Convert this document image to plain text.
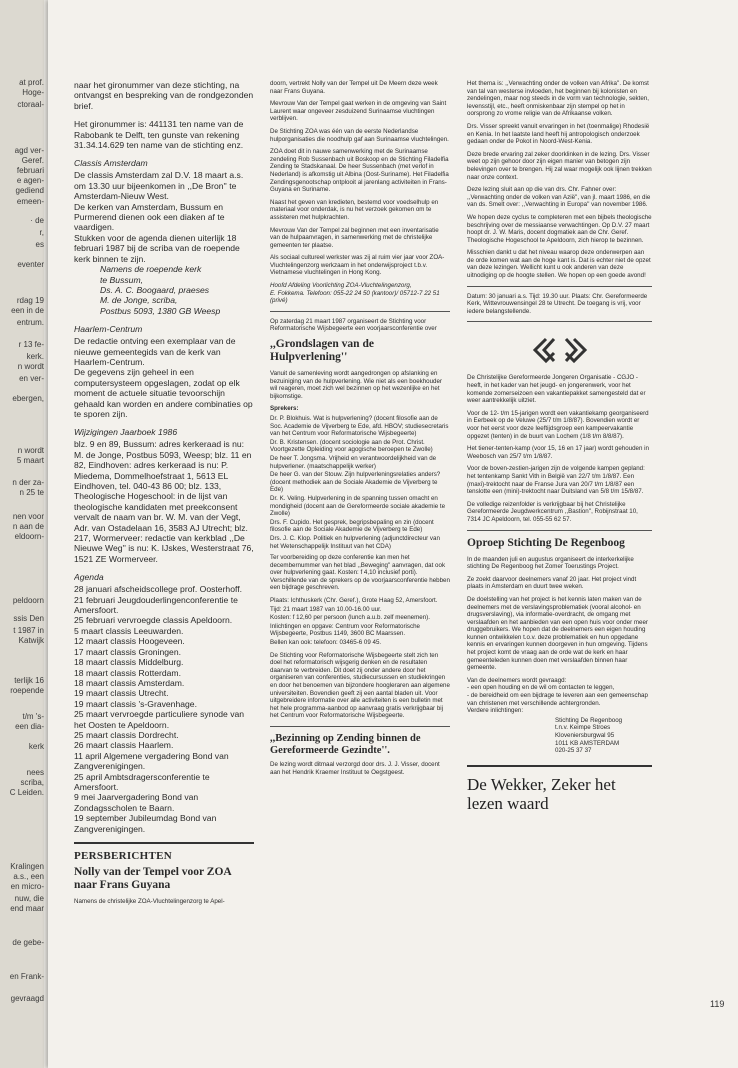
at prof.
Hoge-
ctoraal-
agd ver-
Geref.
februari
e agen-
gediend
emeen-
· de
r,
es
eventer
rdag 19
een in de
entrum.
r 13 fe-
kerk.
n wordt
en ver-
ebergen,
n wordt
5 maart
n der za-
n 25 te
nen voor
n aan de
eldoorn-
peldoorn
ssis Den
t 1987 in
Katwijk
terlijk 16
roepende
t/m 's-
een dia-
kerk
nees
scriba,
C Leiden.
Kralingen
a.s., een
en micro-
nuw, die
end maar
de gebe-
en Frank-
gevraagd

naar het gironummer van deze stichting, na ontvangst en bespreking van de rondgezonden brief.

Het gironummer is: 441131 ten name van de Rabobank te Delft, ten gunste van rekening 31.34.14.629 ten name van de stichting enz.

Classis Amsterdam

De classis Amsterdam zal D.V. 18 maart a.s. om 13.30 uur bijeenkomen in ,,De Bron'' te Amsterdam-Nieuw West.

De kerken van Amsterdam, Bussum en Purmerend dienen ook een diaken af te vaardigen.

Stukken voor de agenda dienen uiterlijk 18 februari 1987 bij de scriba van de roepende kerk binnen te zijn.

Namens de roepende kerk
te Bussum,
Ds. A. C. Boogaard, praeses
M. de Jonge, scriba,
Postbus 5093, 1380 GB Weesp
Haarlem-Centrum

De redactie ontving een exemplaar van de nieuwe gemeentegids van de kerk van Haarlem-Centrum.

De gegevens zijn geheel in een computersysteem opgeslagen, zodat op elk moment de actuele situatie tevoorschijn gehaald kan worden en andere combinaties op te sporen zijn.

Wijzigingen Jaarboek 1986

blz. 9 en 89, Bussum: adres kerkeraad is nu: M. de Jonge, Postbus 5093, Weesp; blz. 11 en 82, Eindhoven: adres kerkeraad is nu: P. Miedema, Dommelhoefstraat 1, 5613 EL Eindhoven, tel. 040-43 86 00; blz. 133, Theologische Hogeschool: in de lijst van theologische kandidaten met preekconsent vervalt de naam van br. W. M. van der Vegt, Adr. van Ostadelaan 16, 3583 AJ Utrecht; blz. 217, Wormerveer: redactie van kerkblad ,,De Nieuwe Weg'' is nu: K. IJskes, Westerstraat 76, 1521 ZE Wormerveer.

Agenda
28 januari afscheidscollege prof. Oosterhoff.
21 februari Jeugdouderlingenconferentie te Amersfoort.
25 februari vervroegde classis Apeldoorn.
5 maart classis Leeuwarden.
12 maart classis Hoogeveen.
17 maart classis Groningen.
18 maart classis Middelburg.
18 maart classis Rotterdam.
18 maart classis Amsterdam.
19 maart classis Utrecht.
19 maart classis 's-Gravenhage.
25 maart vervroegde particuliere synode van het Oosten te Apeldoorn.
25 maart classis Dordrecht.
26 maart classis Haarlem.
11 april Algemene vergadering Bond van Zangverenigingen.
25 april Ambtsdragersconferentie te Amersfoort.
9 mei Jaarvergadering Bond van Zondagsscholen te Baarn.
19 september Jubileumdag Bond van Zangverenigingen.
PERSBERICHTEN
Nolly van der Tempel voor ZOA naar Frans Guyana

Namens de christelijke ZOA-Vluchtelingenzorg te Apel-

doorn, vertrekt Nolly van der Tempel uit De Meern deze week naar Frans Guyana.

Mevrouw Van der Tempel gaat werken in de omgeving van Saint Laurent waar ongeveer zesduizend Surinaamse vluchtingen verblijven.

De Stichting ZOA was één van de eerste Nederlandse hulporganisaties die noodhulp gaf aan Surinaamse vluchtelingen.

ZOA doet dit in nauwe samenwerking met de Surinaamse zendeling Rob Sussenbach uit Boskoop en de Stichting Filadelfia Zending te Stadskanaal. De heer Sussenbach (met verlof in Nederland) is afkomstig uit Albina (Oost-Suriname). Het Filadelfia Zendingsgenootschap ontplooit al jarenlang activiteiten in Frans-Guyana en Suriname.

Naast het geven van kredieten, bestemd voor voedselhulp en materiaal voor onderdak, is nu het verzoek gekomen om te assisteren met hulpkrachten.

Mevrouw Van der Tempel zal beginnen met een inventarisatie van de hulpaanvragen, in samenwerking met de christelijke gemeenten ter plaatse.

Als sociaal cultureel werkster was zij al ruim vier jaar voor ZOA-Vluchtelingenzorg werkzaam in het onderwijsproject t.b.v. Vietnamese vluchtelingen in Hong Kong.

Hoofd Afdeling Voorlichting ZOA-Vluchtelingenzorg,

E. Fokkema. Telefoon: 055-22 24 50 (kantoor)/ 05712-7 22 51 (privé)

Op zaterdag 21 maart 1987 organiseert de Stichting voor Reformatorische Wijsbegeerte een voorjaarsconferentie over

,,Grondslagen van de Hulpverlening''

Vanuit de samenleving wordt aangedrongen op afslanking en bezuiniging van de hulpverlening. Wie niet als een boekhouder wil reageren, moet zich wel bezinnen op het wezenlijke en het bijkomstige.

Sprekers:

Dr. P. Blokhuis. Wat is hulpverlening? (docent filosofie aan de Soc. Academie de Vijverberg te Ede, afd. HBOV; studiesecretaris van het Centrum voor Reformatorische Wijsbegeerte)
Dr. B. Kristensen. (docent sociologie aan de Prot. Christ. Voortgezette Opleiding voor agogische beroepen te Zwolle)
De heer T. Jongsma. Vrijheid en verantwoordelijkheid van de hulpverlener. (maatschappelijk werker)
De heer G. van der Stouw. Zijn hulpverleningsrelaties anders? (docent methodiek aan de Sociale Akademie de Vijverberg te Ede)
Dr. K. Veling. Hulpverlening in de spanning tussen omacht en mondigheid (docent aan de Gereformeerde sociale akademie te Zwolle)
Drs. F. Cupido. Het gesprek, begripsbepaling en zin (docent filosofie aan de Sociale Akademie de Vijverberg te Ede)
Drs. J. C. Klop. Politiek en hulpverlening (adjunctdirecteur van het Wetenschappelijk Instituut van het CDA)

Ter voorbereiding op deze conferentie kan men het decembernummer van het blad ,,Beweging'' aanvragen, dat ook over hulpverlening gaat. Kosten: f 4,10 inclusief porti). Verschillende van de sprekers op de voorjaarsconferentie hebben een bijdrage geschreven.

Plaats: Ichthuskerk (Chr. Geref.), Grote Haag 52, Amersfoort.

Tijd: 21 maart 1987 van 10.00-16.00 uur.

Kosten: f 12,60 per persoon (lunch a.u.b. zelf meenemen).

Inlichtingen en opgave: Centrum voor Reformatorische Wijsbegeerte, Postbus 1149, 3600 BC Maarssen.

Bellen kan ook: telefoon: 03465-6 09 45.

De Stichting voor Reformatorische Wijsbegeerte stelt zich ten doel het reformatorisch wijsgerig denken en de resultaten daarvan te verbreiden. Dit doet zij onder andere door het organiseren van conferenties, studiecursussen en studiekringen en door het benoemen van bijzondere hoogleraren aan algemene universiteiten. Bovendien geeft zij een aantal bladen uit. Voor uitgebreidere informatie over alle activiteiten is een bulletin met het hele programma-aanbod op aanvraag gratis verkrijgbaar bij het Centrum voor Reformatorische Wijsbegeerte.

,,Bezinning op Zending binnen de Gereformeerde Gezindte''.

De lezing wordt ditmaal verzorgd door drs. J. J. Visser, docent aan het Hendrik Kraemer Instituut te Oegstgeest.

Het thema is: ,,Verwachting onder de volken van Afrika''. De komst van tal van westerse invloeden, het beginnen bij kolonisten en zendelingen, maar nog steeds in de vorm van technologie, sekten, levensstijl, etc., heeft onmiskenbaar zijn stempel op het in oorsprong zo vrome religie van de Afrikaanse volken.

Drs. Visser spreekt vanuit ervaringen in het (toenmalige) Rhodesië en Kenia. In het laatste land heeft hij antropologisch onderzoek gedaan onder de Pokot in Noord-West-Kenia.

Deze brede ervaring zal zeker doorklinken in de lezing. Drs. Visser weet op zijn gehoor door zijn eigen manier van betogen zijn belevingen over te brengen. Hij zal waar mogelijk ook lijnen trekken naar onze context.

Deze lezing sluit aan op die van drs. Chr. Fahner over: ,,Verwachting onder de volken van Azië'', van jl. maart 1986, en die van ds. Smelt over: ,,Verwachting in Europa'' van november 1986.

We hopen deze cyclus te completeren met een bijbels theologische beschrijving over de messiaanse verwachtingen. Op D.V. 27 maart hoopt dr. J. W. Maris, docent dogmatiek aan de Chr. Geref. Theologische Hogeschool te Apeldoorn, zich hierop te bezinnen.

Misschien dankt u dat het niveau waarop deze onderwerpen aan de orde komen wat aan de hoge kant is. Dat is echter niet de opzet van deze lezingen. Wellicht kunt u ook anderen van deze uitnodiging op de hoogte stellen. We hopen op een goede avond!

Datum: 30 januari a.s. Tijd: 19.30 uur. Plaats: Chr. Gereformeerde Kerk, Wittevrouwensingel 28 te Utrecht. De toegang is vrij, voor iedere belangstellende.

De Christelijke Gereformeerde Jongeren Organisatie - CGJO - heeft, in het kader van het jeugd- en jongerenwerk, voor het komende zomerseizoen een vakantiepakket samengesteld dat er weer aantrekkelijk uitziet.

Voor de 12- t/m 15-jarigen wordt een vakantiekamp georganiseerd in Eerbeek op de Veluwe (25/7 t/m 1/8/87). Bovendien wordt er voor het eerst voor deze leeftijdsgroep een kampeervakantie opgezet (tenten) in de buurt van Lochem (1/8 t/m 8/8/87).

Het tiener-tenten-kamp (voor 15, 16 en 17 jaar) wordt gehouden in Weebosch van 25/7 t/m 1/8/87.

Voor de boven-zestien-jarigen zijn de volgende kampen gepland: het tentenkamp Sankt Vith in België van 22/7 t/m 1/8/87. Een (maxi)-trektocht naar de Franse Jura van 20/7 t/m 1/8/87 een tenslotte een (mini)-trektocht naar Duitsland van 5/8 t/m 15/8/87.

De volledige reizenfolder is verkrijgbaar bij het Christelijke Gereformeerde Jeugdwerkcentrum ,,Bastion'', Robijnstraat 10, 7314 JC Apeldoorn, tel. 055-55 62 57.

Oproep Stichting De Regenboog

In de maanden juli en augustus organiseert de interkerkelijke stichting De Regenboog het Zomer Toerustings Project.

Ze zoekt daarvoor deelnemers vanaf 20 jaar. Het project vindt plaats in Amsterdam en duurt twee weken.

De doelstelling van het project is het kennis laten maken van de deelnemers met de verslavingsproblematiek (vooral alcohol- en drugsverslaving), via informatie-overdracht, de omgang met verslaafden en het aanbieden van een open huis voor onder meer druggebruikers. We hopen dat de deelnemers een eigen houding kunnen ontwikkelen t.o.v. deze problematiek en hun opgedane kennis en ervaringen kunnen doorgeven in hun omgeving. Tijdens het project komt de vraag aan de orde wat de kerk en haar gemeenteleden kunnen doen met verslaafden binnen haar gemeente.

Van de deelnemers wordt gevraagd:

- een open houding en de wil om contacten te leggen,

- de bereidheid om een bijdrage te leveren aan een gemeenschap van christenen met verschillende achtergronden.

Verdere inlichtingen:

Stichting De Regenboog
t.n.v. Keimpe Stroes
Kloveniersburgwal 95
1011 KB AMSTERDAM
020-25 37 37
De Wekker, Zeker het lezen waard
119
